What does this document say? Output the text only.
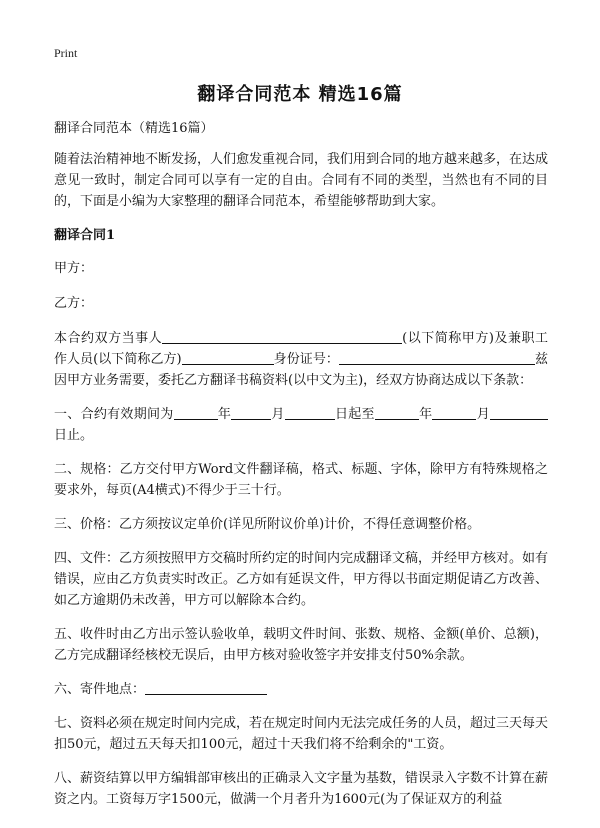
Print
翻译合同范本 精选16篇

翻译合同范本（精选16篇）

随着法治精神地不断发扬，人们愈发重视合同，我们用到合同的地方越来越多，在达成意见一致时，制定合同可以享有一定的自由。合同有不同的类型，当然也有不同的目的，下面是小编为大家整理的翻译合同范本，希望能够帮助到大家。

翻译合同1

甲方：

乙方：

本合约双方当事人	(以下简称甲方)及兼职工作人员(以下简称乙方)	身份证号：	兹因甲方业务需要，委托乙方翻译书稿资料(以中文为主)，经双方协商达成以下条款：

一、合约有效期间为	年	月	日起至	年	月日止。

二、规格：乙方交付甲方Word文件翻译稿，格式、标题、字体，除甲方有特殊规格之要求外，每页(A4横式)不得少于三十行。

三、价格：乙方须按议定单价(详见所附议价单)计价，不得任意调整价格。

四、文件：乙方须按照甲方交稿时所约定的时间内完成翻译文稿，并经甲方核对。如有错误，应由乙方负责实时改正。乙方如有延误文件，甲方得以书面定期促请乙方改善、如乙方逾期仍未改善，甲方可以解除本合约。

五、收件时由乙方出示签认验收单，载明文件时间、张数、规格、金额(单价、总额)，乙方完成翻译经核校无误后，由甲方核对验收签字并安排支付50%余款。

六、寄件地点：

七、资料必须在规定时间内完成，若在规定时间内无法完成任务的人员，超过三天每天扣50元，超过五天每天扣100元，超过十天我们将不给剩余的"工资。

八、薪资结算以甲方编辑部审核出的正确录入文字量为基数，错误录入字数不计算在薪资之内。工资每万字1500元，做满一个月者升为1600元(为了保证双方的利益
